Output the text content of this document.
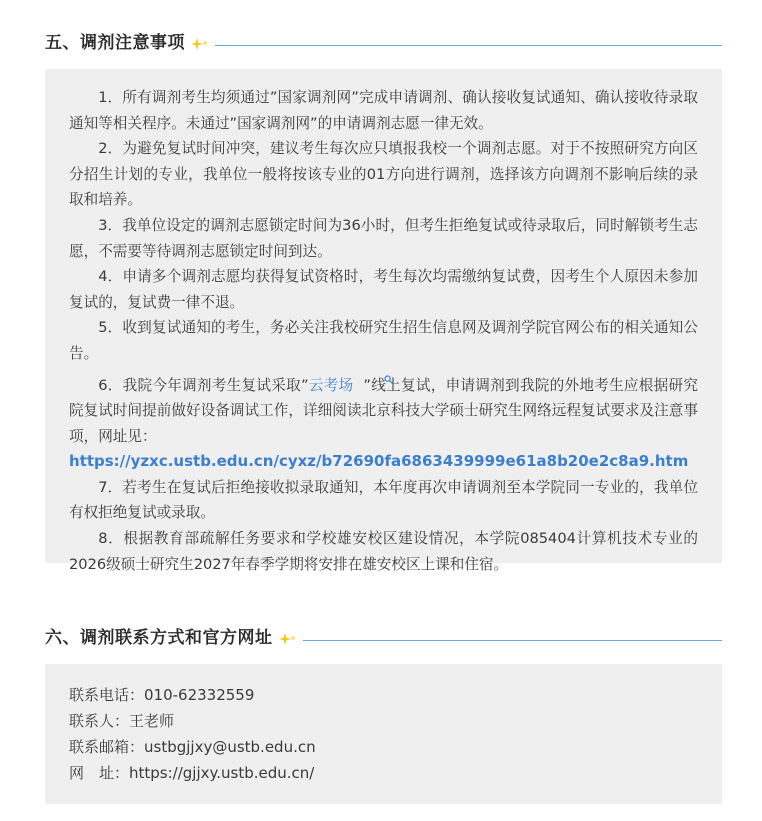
五、调剂注意事项

1．所有调剂考生均须通过”国家调剂网”完成申请调剂、确认接收复试通知、确认接收待录取通知等相关程序。未通过”国家调剂网”的申请调剂志愿一律无效。

2．为避免复试时间冲突，建议考生每次应只填报我校一个调剂志愿。对于不按照研究方向区分招生计划的专业，我单位一般将按该专业的01方向进行调剂，选择该方向调剂不影响后续的录取和培养。

3．我单位设定的调剂志愿锁定时间为36小时，但考生拒绝复试或待录取后，同时解锁考生志愿，不需要等待调剂志愿锁定时间到达。

4．申请多个调剂志愿均获得复试资格时，考生每次均需缴纳复试费，因考生个人原因未参加复试的，复试费一律不退。

5．收到复试通知的考生，务必关注我校研究生招生信息网及调剂学院官网公布的相关通知公告。

6．我院今年调剂考生复试采取”云考场 ”线上复试，申请调剂到我院的外地考生应根据研究院复试时间提前做好设备调试工作，详细阅读北京科技大学硕士研究生网络远程复试要求及注意事项，网址见：

https://yzxc.ustb.edu.cn/cyxz/b72690fa6863439999e61a8b20e2c8a9.htm

7．若考生在复试后拒绝接收拟录取通知，本年度再次申请调剂至本学院同一专业的，我单位有权拒绝复试或录取。

8．根据教育部疏解任务要求和学校雄安校区建设情况，本学院085404计算机技术专业的2026级硕士研究生2027年春季学期将安排在雄安校区上课和住宿。

六、调剂联系方式和官方网址
联系电话：010-62332559
联系人：王老师
联系邮箱：ustbgjjxy@ustb.edu.cn
网　址：https://gjjxy.ustb.edu.cn/
